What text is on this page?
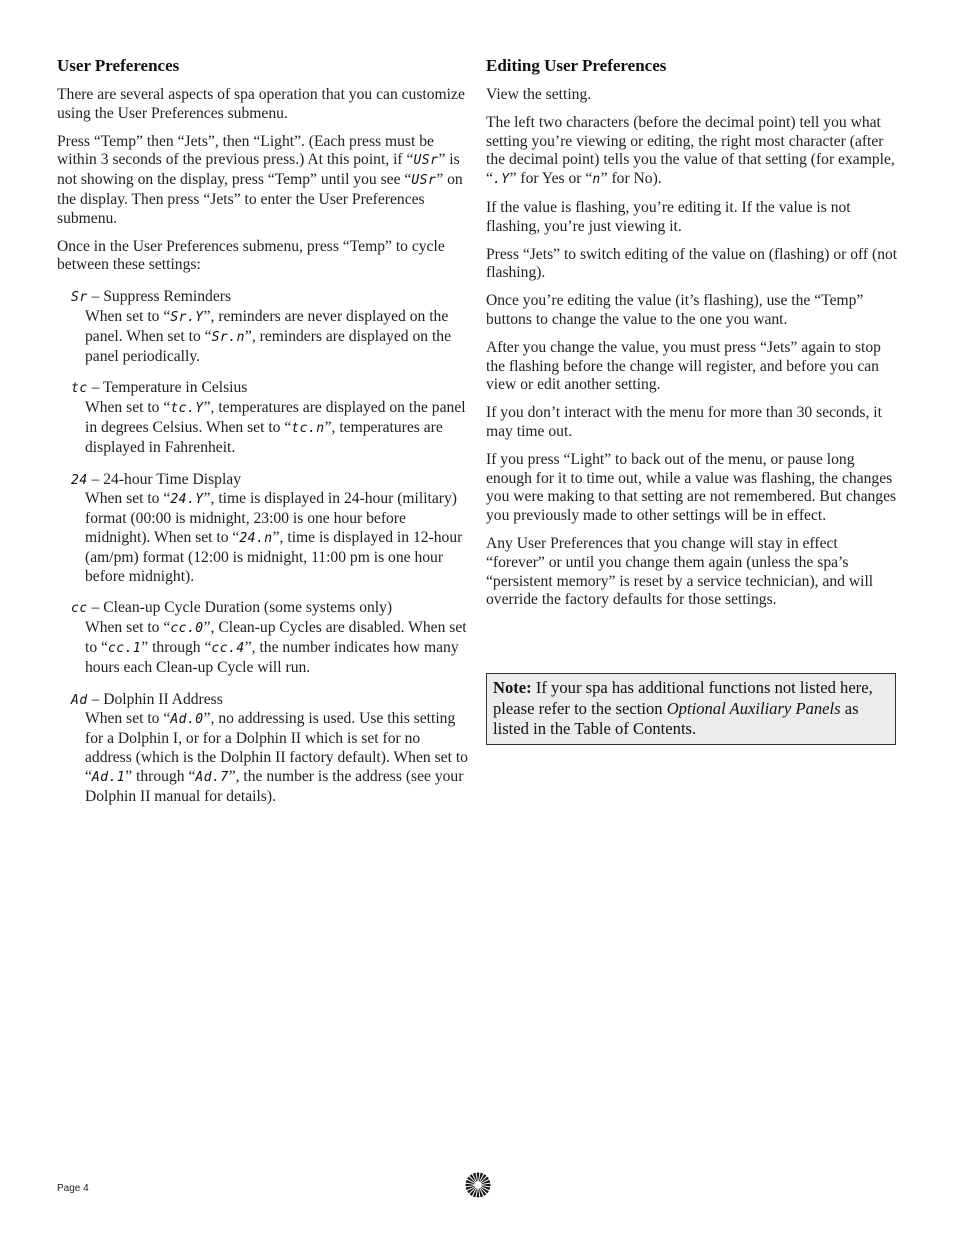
User Preferences

There are several aspects of spa operation that you can customize using the User Preferences submenu.

Press “Temp” then “Jets”, then “Light”. (Each press must be within 3 seconds of the previous press.) At this point, if “USr” is not showing on the display, press “Temp” until you see “USr” on the display. Then press “Jets” to enter the User Preferences submenu.

Once in the User Preferences submenu, press “Temp” to cycle between these settings:

Sr – Suppress Reminders

When set to “Sr.Y”, reminders are never displayed on the panel. When set to “Sr.n”, reminders are displayed on the panel periodically.

tc – Temperature in Celsius

When set to “tc.Y”, temperatures are displayed on the panel in degrees Celsius. When set to “tc.n”, temperatures are displayed in Fahrenheit.

24 – 24-hour Time Display

When set to “24.Y”, time is displayed in 24-hour (military) format (00:00 is midnight, 23:00 is one hour before midnight). When set to “24.n”, time is displayed in 12-hour (am/pm) format (12:00 is midnight, 11:00 pm is one hour before midnight).

cc – Clean-up Cycle Duration (some systems only)

When set to “cc.0”, Clean-up Cycles are disabled. When set to “cc.1” through “cc.4”, the number indicates how many hours each Clean-up Cycle will run.

Ad – Dolphin II Address

When set to “Ad.0”, no addressing is used. Use this setting for a Dolphin I, or for a Dolphin II which is set for no address (which is the Dolphin II factory default). When set to “Ad.1” through “Ad.7”, the number is the address (see your Dolphin II manual for details).

Editing User Preferences

View the setting.

The left two characters (before the decimal point) tell you what setting you’re viewing or editing, the right most character (after the decimal point) tells you the value of that setting (for example, “.Y” for Yes or “n” for No).

If the value is flashing, you’re editing it. If the value is not flashing, you’re just viewing it.

Press “Jets” to switch editing of the value on (flashing) or off (not flashing).

Once you’re editing the value (it’s flashing), use the “Temp” buttons to change the value to the one you want.

After you change the value, you must press “Jets” again to stop the flashing before the change will register, and before you can view or edit another setting.

If you don’t interact with the menu for more than 30 seconds, it may time out.

If you press “Light” to back out of the menu, or pause long enough for it to time out, while a value was flashing, the changes you were making to that setting are not remembered. But changes you previously made to other settings will be in effect.

Any User Preferences that you change will stay in effect “forever” or until you change them again (unless the spa’s “persistent memory” is reset by a service technician), and will override the factory defaults for those settings.

Note: If your spa has additional functions not listed here, please refer to the section Optional Auxiliary Panels as listed in the Table of Contents.
Page 4
